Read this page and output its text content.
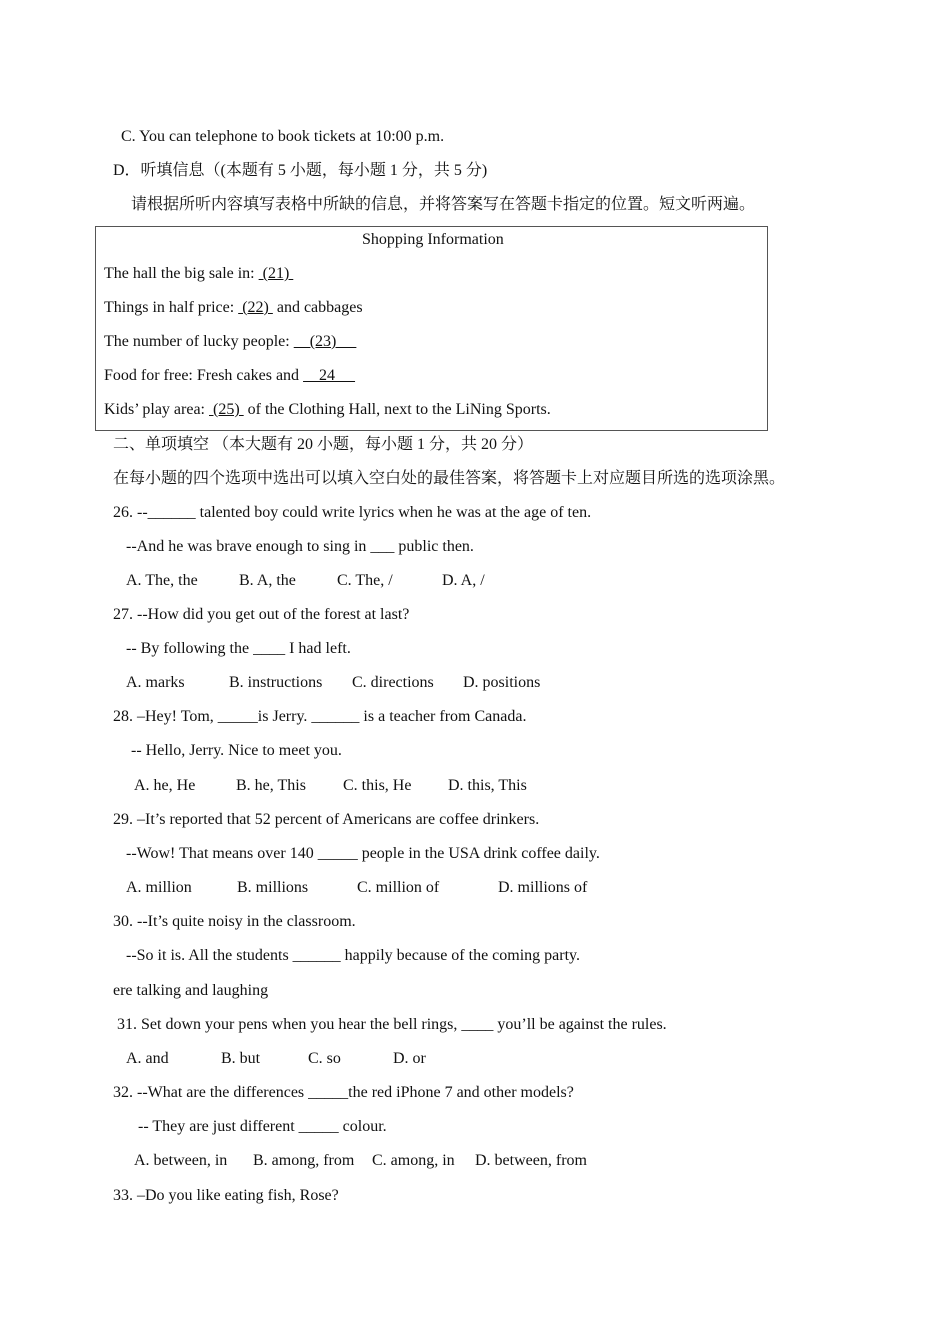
C. You can telephone to book tickets at 10:00 p.m.
D．听填信息（(本题有 5 小题，每小题 1 分，共 5 分)
请根据所听内容填写表格中所缺的信息，并将答案写在答题卡指定的位置。短文听两遍。
Shopping Information
The hall the big sale in:  (21)
Things in half price:  (22)  and cabbages
The number of lucky people:     (23)
Food for free: Fresh cakes and     24
Kids’ play area:  (25)  of the Clothing Hall, next to the LiNing Sports.
二、单项填空 （本大题有 20 小题，每小题 1 分，共 20 分）
在每小题的四个选项中选出可以填入空白处的最佳答案，将答题卡上对应题目所选的选项涂黑。
26. --______ talented boy could write lyrics when he was at the age of ten.
--And he was brave enough to sing in ___ public then.
A. The, the	B. A, the	C. The, /	D. A, /
27. --How did you get out of the forest at last?
-- By following the ____ I had left.
A. marks	B. instructions C. directions D. positions
28. –Hey! Tom, _____is Jerry. ______ is a teacher from Canada.
-- Hello, Jerry. Nice to meet you.
A. he, He	B. he, This C. this, He D. this, This
29. –It’s reported that 52 percent of Americans are coffee drinkers.
--Wow! That means over 140 _____ people in the USA drink coffee daily.
A. million	B. millions	C. million of	D. millions of
30. --It’s quite noisy in the classroom.
--So it is. All the students ______ happily because of the coming party.
ere talking and laughing
31. Set down your pens when you hear the bell rings, ____ you’ll be against the rules.
A. and	B. but	C. so	D. or
32. --What are the differences _____the red iPhone 7 and other models?
-- They are just different _____ colour.
A. between, in B. among, from C. among, in D. between, from
33. –Do you like eating fish, Rose?
